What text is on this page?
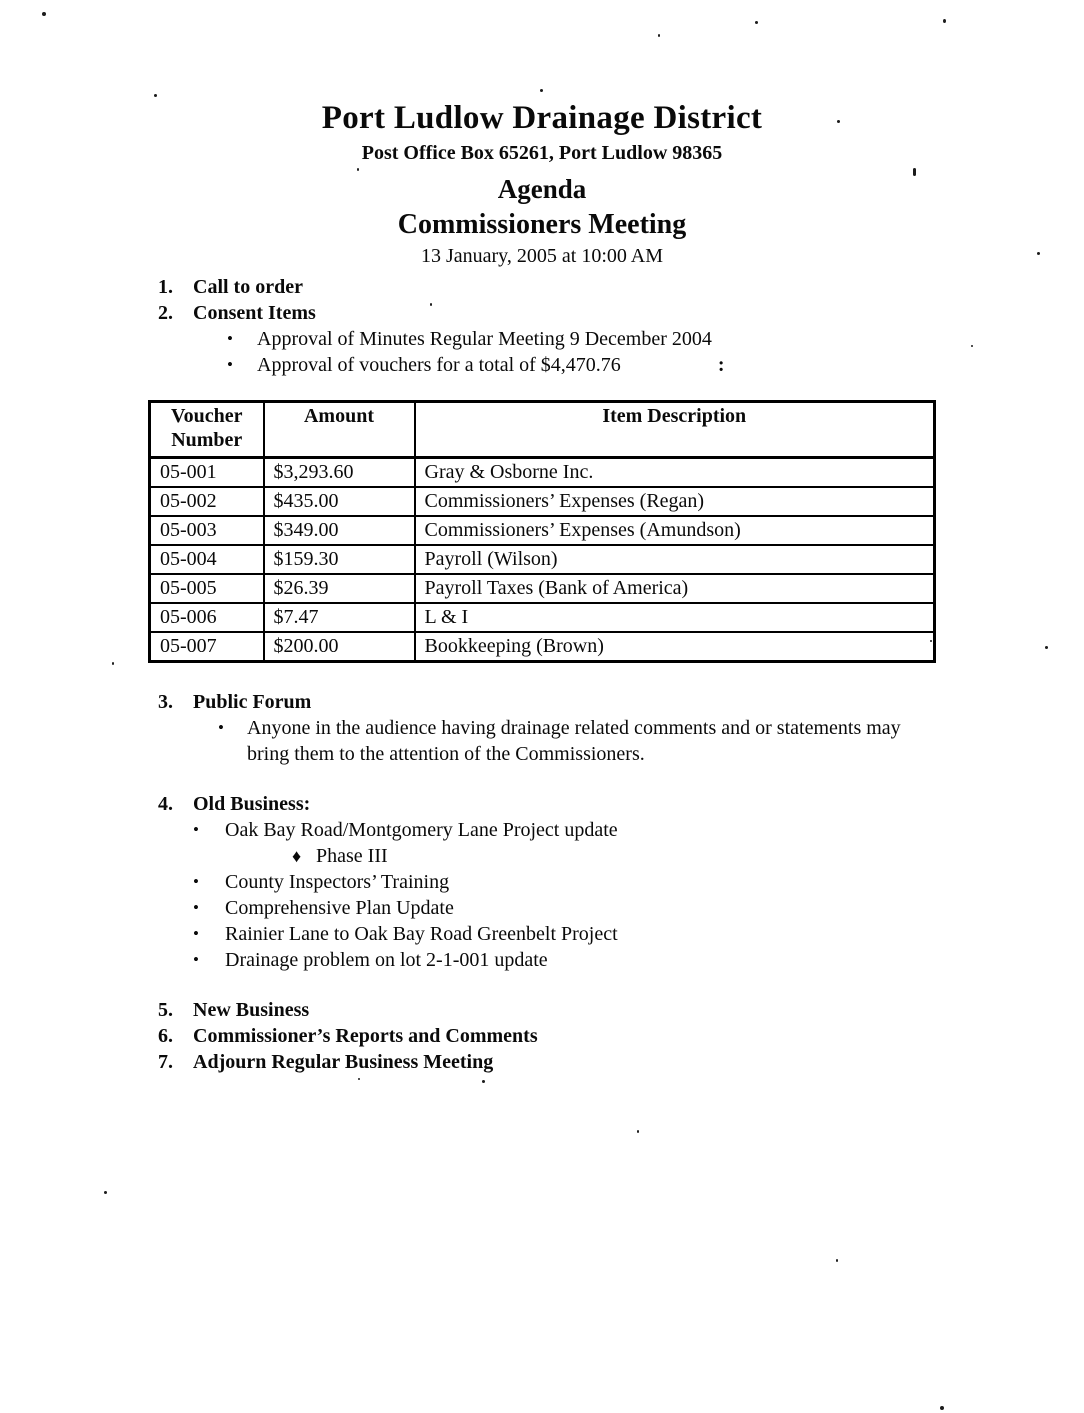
Port Ludlow Drainage District
Post Office Box 65261, Port Ludlow 98365
Agenda
Commissioners Meeting
13 January, 2005 at 10:00 AM
1.	Call to order
2.	Consent Items
•	Approval of Minutes Regular Meeting 9 December 2004
•	Approval of vouchers for a total of $4,470.76	:
Voucher Number	Amount	Item Description
05-001	$3,293.60	Gray & Osborne Inc.
05-002	$435.00	Commissioners’ Expenses (Regan)
05-003	$349.00	Commissioners’ Expenses (Amundson)
05-004	$159.30	Payroll (Wilson)
05-005	$26.39	Payroll Taxes (Bank of America)
05-006	$7.47	L & I
05-007	$200.00	Bookkeeping (Brown)
3.	Public Forum
•	Anyone in the audience having drainage related comments and or statements may bring them to the attention of the Commissioners.
4.	Old Business:
•	Oak Bay Road/Montgomery Lane Project update
♦ Phase III
•	County Inspectors’ Training
•	Comprehensive Plan Update
•	Rainier Lane to Oak Bay Road Greenbelt Project
•	Drainage problem on lot 2-1-001 update
5.	New Business
6.	Commissioner’s Reports and Comments
7.	Adjourn Regular Business Meeting
